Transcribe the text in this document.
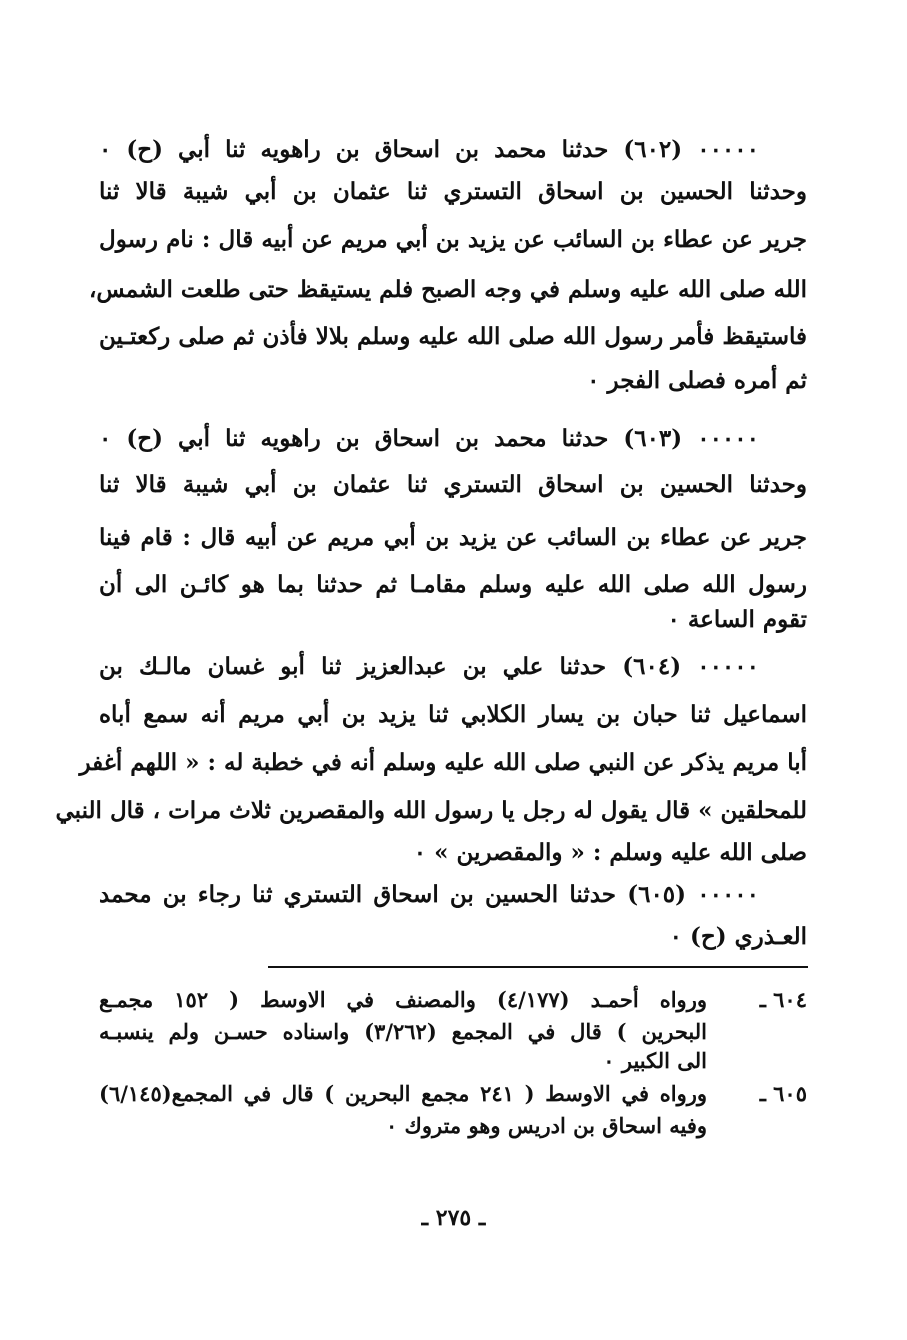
٠٠٠٠٠ (٦٠٢) حدثنا محمد بن اسحاق بن راهويه ثنا أبي (ح) ٠
وحدثنا الحسين بن اسحاق التستري ثنا عثمان بن أبي شيبة قالا ثنا
جرير عن عطاء بن السائب عن يزيد بن أبي مريم عن أبيه قال : نام رسول
الله صلى الله عليه وسلم في وجه الصبح فلم يستيقظ حتى طلعت الشمس،
فاستيقظ فأمر رسول الله صلى الله عليه وسلم بلالا فأذن ثم صلى ركعتـين
ثم أمره فصلى الفجر ٠
٠٠٠٠٠ (٦٠٣) حدثنا محمد بن اسحاق بن راهويه ثنا أبي (ح) ٠
وحدثنا الحسين بن اسحاق التستري ثنا عثمان بن أبي شيبة قالا ثنا
جرير عن عطاء بن السائب عن يزيد بن أبي مريم عن أبيه قال : قام فينا
رسول الله صلى الله عليه وسلم مقامـا ثم حدثنا بما هو كائـن الى أن
تقوم الساعة ٠
٠٠٠٠٠ (٦٠٤) حدثنا علي بن عبدالعزيز ثنا أبو غسان مالـك بن
اسماعيل ثنا حبان بن يسار الكلابي ثنا يزيد بن أبي مريم أنه سمع أباه
أبا مريم يذكر عن النبي صلى الله عليه وسلم أنه في خطبة له : « اللهم أغفر
للمحلقين » قال يقول له رجل يا رسول الله والمقصرين ثلاث مرات ، قال النبي
صلى الله عليه وسلم : « والمقصرين » ٠
٠٠٠٠٠ (٦٠٥) حدثنا الحسين بن اسحاق التستري ثنا رجاء بن محمد
العـذري (ح) ٠
٦٠٤ ـ
ورواه أحمـد (٤/١٧٧) والمصنف في الاوسط ( ١٥٢ مجمـع
البحرين ) قال في المجمع (٣/٢٦٢) واسناده حسـن ولم ينسبـه
الى الكبير ٠
٦٠٥ ـ
ورواه في الاوسط ( ٢٤١ مجمع البحرين ) قال في المجمع(٦/١٤٥)
وفيه اسحاق بن ادريس وهو متروك ٠
ـ ٢٧٥ ـ
